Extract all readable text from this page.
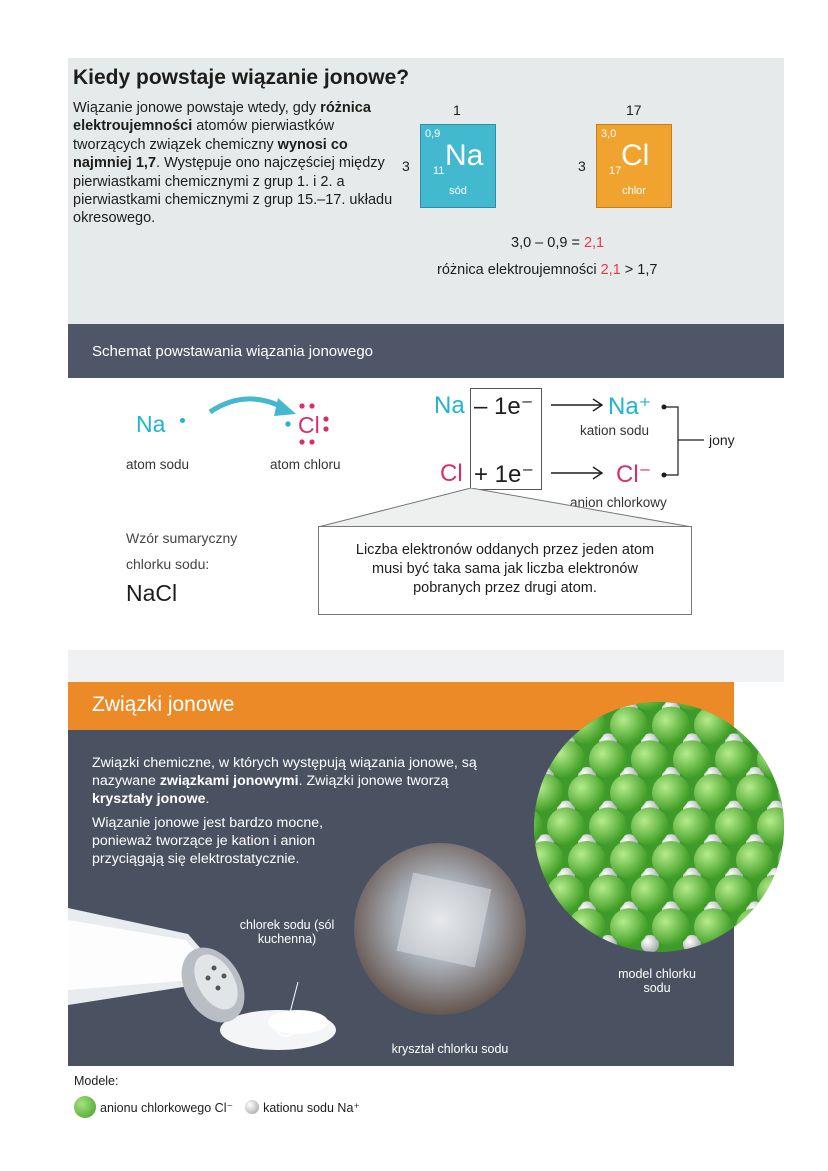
Kiedy powstaje wiązanie jonowe?
Wiązanie jonowe powstaje wtedy, gdy różnica elektroujemności atomów pierwiastków tworzących związek chemiczny wynosi co najmniej 1,7. Występuje ono najczęściej między pierwiastkami chemicznymi z grup 1. i 2. a pierwiastkami chemicznymi z grup 15.–17. układu okresowego.
1	17
3	3
0,9
11 Na
sód
3,0
17 Cl
chlor
3,0 – 0,9 = 2,1
różnica elektroujemności 2,1 > 1,7
Schemat powstawania wiązania jonowego
Na	Cl
atom sodu	atom chloru
Na – 1e⁻	Na⁺
kation sodu
Cl + 1e⁻	Cl⁻
anion chlorkowy
jony
Wzór sumaryczny
chlorku sodu:
NaCl
Liczba elektronów oddanych przez jeden atom musi być taka sama jak liczba elektronów pobranych przez drugi atom.
Związki jonowe
Związki chemiczne, w których występują wiązania jonowe, są nazywane związkami jonowymi. Związki jonowe tworzą kryształy jonowe.
Wiązanie jonowe jest bardzo mocne, ponieważ tworzące je kation i anion przyciągają się elektrostatycznie.
chlorek sodu (sól kuchenna)
kryształ chlorku sodu
model chlorku sodu
Modele:
anionu chlorkowego Cl⁻ kationu sodu Na⁺
